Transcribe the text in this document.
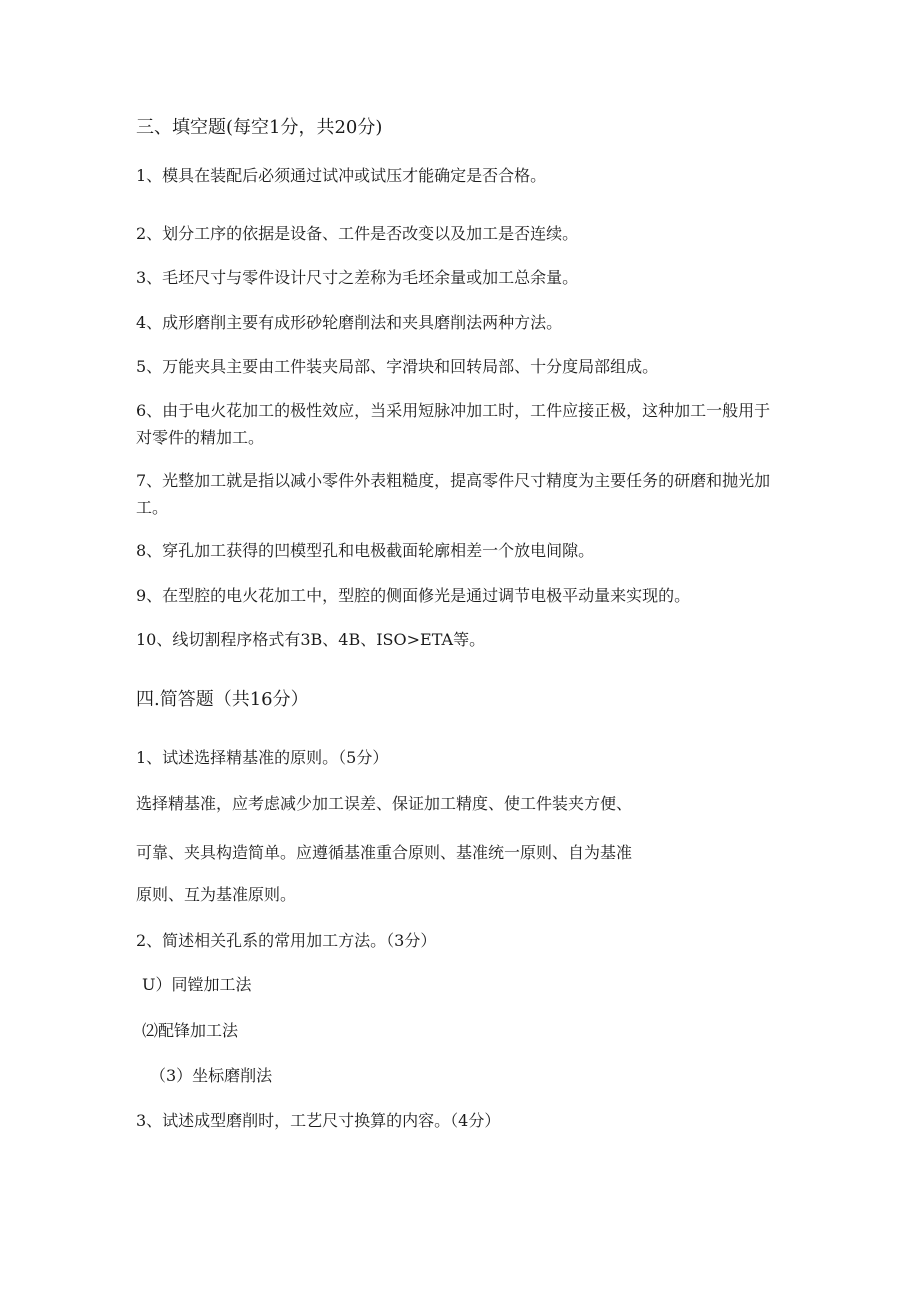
三、填空题(每空1分，共20分)
1、模具在装配后必须通过试冲或试压才能确定是否合格。
2、划分工序的依据是设备、工件是否改变以及加工是否连续。
3、毛坯尺寸与零件设计尺寸之差称为毛坯余量或加工总余量。
4、成形磨削主要有成形砂轮磨削法和夹具磨削法两种方法。
5、万能夹具主要由工件装夹局部、字滑块和回转局部、十分度局部组成。
6、由于电火花加工的极性效应，当采用短脉冲加工时，工件应接正极，这种加工一般用于对零件的精加工。
7、光整加工就是指以减小零件外表粗糙度，提高零件尺寸精度为主要任务的研磨和抛光加工。
8、穿孔加工获得的凹模型孔和电极截面轮廓相差一个放电间隙。
9、在型腔的电火花加工中，型腔的侧面修光是通过调节电极平动量来实现的。
10、线切割程序格式有3B、4B、ISO>ETA等。
四.简答题（共16分）
1、试述选择精基准的原则。（5分）
选择精基准，应考虑减少加工误差、保证加工精度、使工件装夹方便、
可靠、夹具构造简单。应遵循基准重合原则、基准统一原则、自为基准
原则、互为基准原则。
2、简述相关孔系的常用加工方法。（3分）
U）同镗加工法
⑵配锋加工法
（3）坐标磨削法
3、试述成型磨削时，工艺尺寸换算的内容。（4分）
